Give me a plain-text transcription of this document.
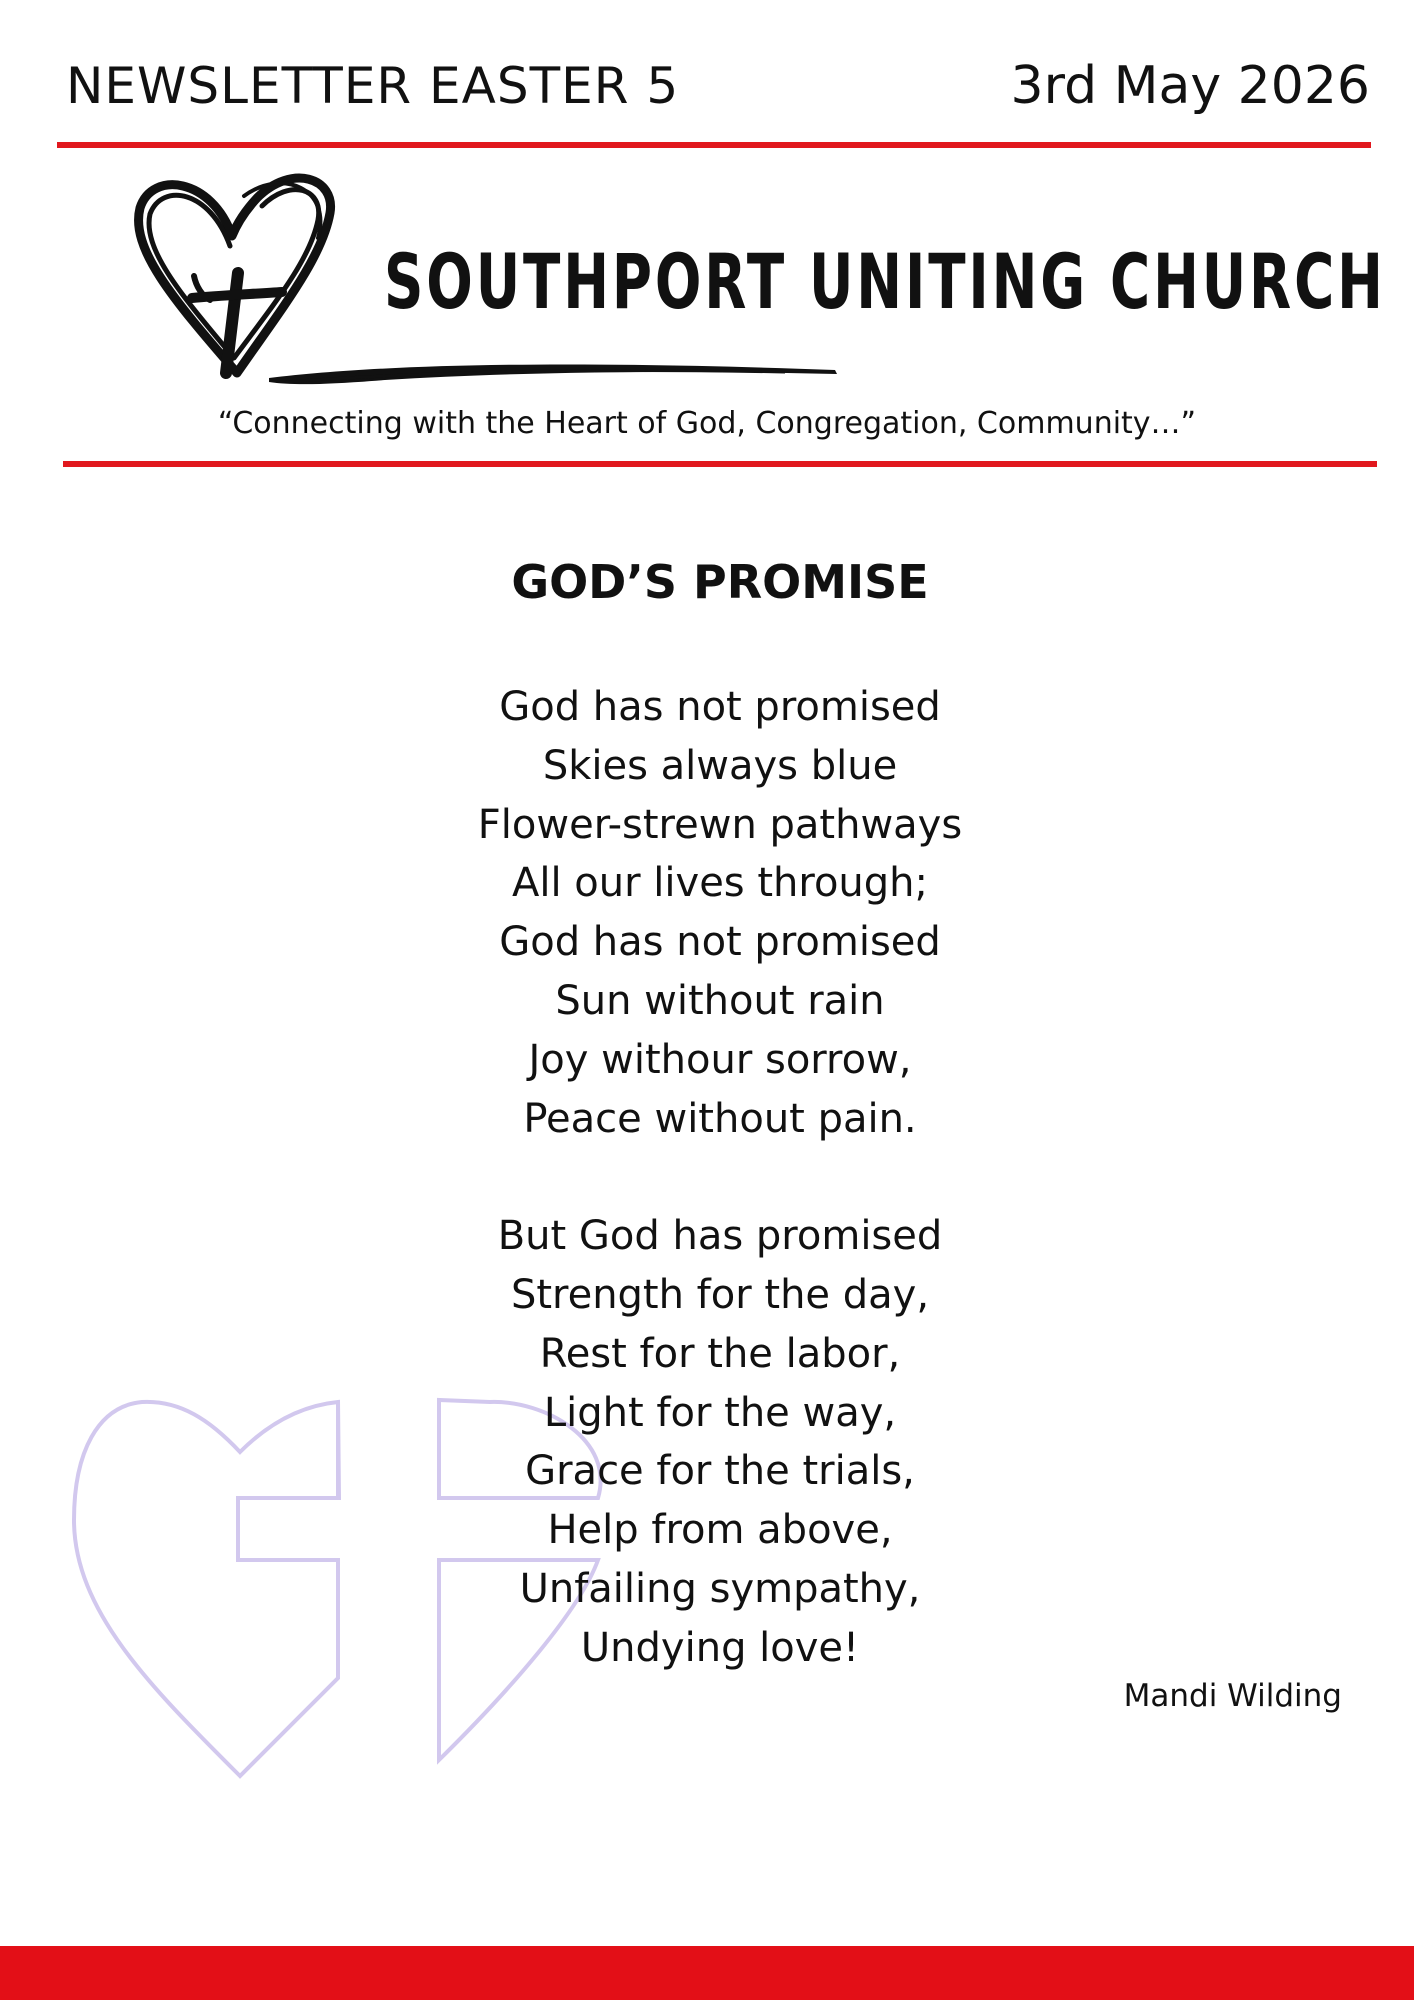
NEWSLETTER EASTER 5	3rd May 2026
SOUTHPORT UNITING CHURCH
“Connecting with the Heart of God, Congregation, Community…”
GOD’S PROMISE
God has not promised
Skies always blue
Flower-strewn pathways
All our lives through;
God has not promised
Sun without rain
Joy withour sorrow,
Peace without pain.
But God has promised
Strength for the day,
Rest for the labor,
Light for the way,
Grace for the trials,
Help from above,
Unfailing sympathy,
Undying love!
Mandi Wilding
